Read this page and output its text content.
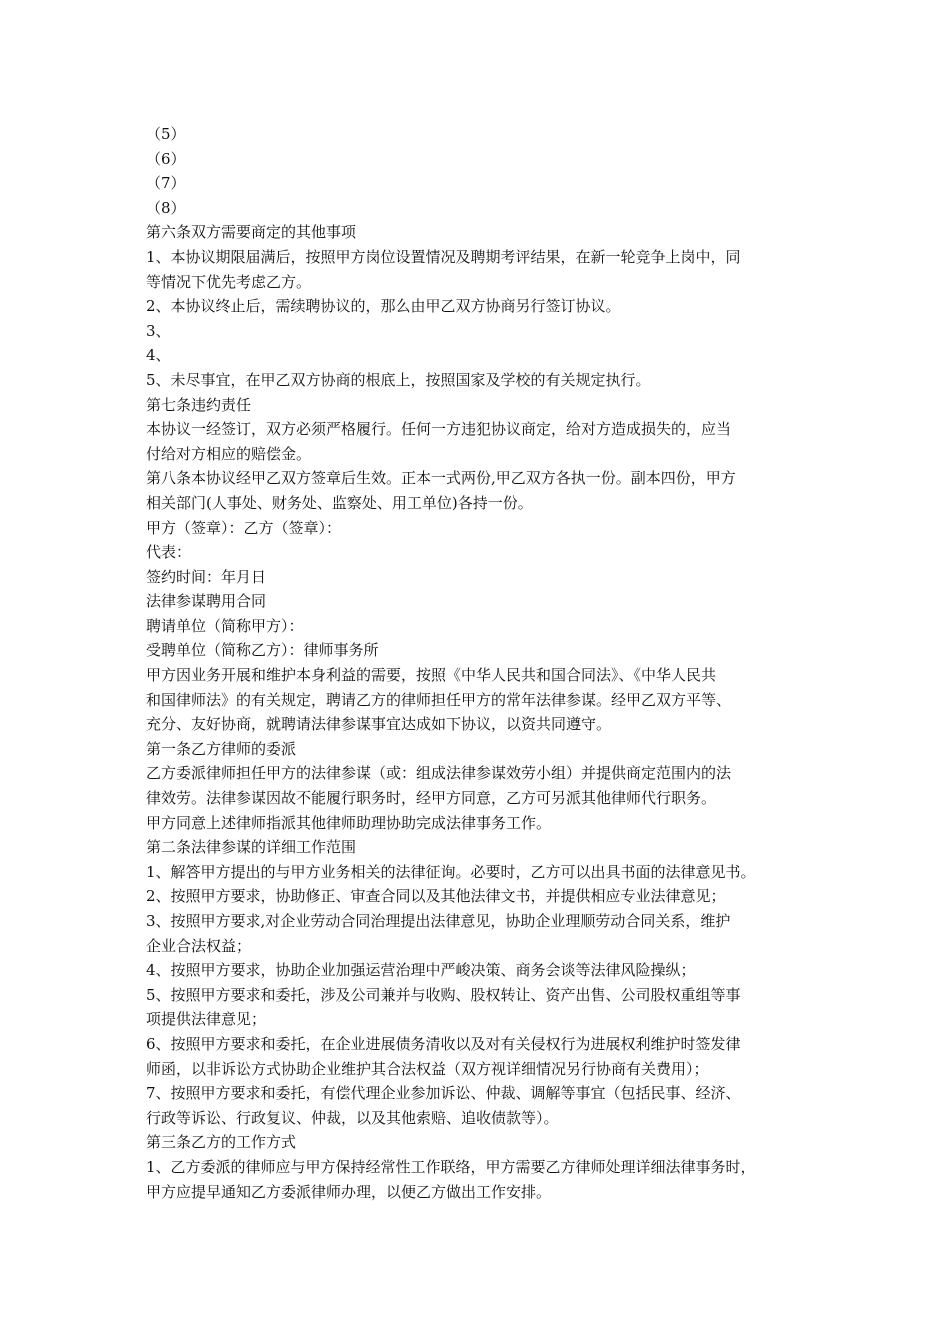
（5）
（6）
（7）
（8）
第六条双方需要商定的其他事项
1、本协议期限届满后，按照甲方岗位设置情况及聘期考评结果，在新一轮竞争上岗中，同
等情况下优先考虑乙方。
2、本协议终止后，需续聘协议的，那么由甲乙双方协商另行签订协议。
3、
4、
5、未尽事宜，在甲乙双方协商的根底上，按照国家及学校的有关规定执行。
第七条违约责任
本协议一经签订，双方必须严格履行。任何一方违犯协议商定，给对方造成损失的，应当
付给对方相应的赔偿金。
第八条本协议经甲乙双方签章后生效。正本一式两份,甲乙双方各执一份。副本四份，甲方
相关部门(人事处、财务处、监察处、用工单位)各持一份。
甲方（签章）：乙方（签章）：
代表：
签约时间：年月日
法律参谋聘用合同
聘请单位（简称甲方）：
受聘单位（简称乙方）：律师事务所
甲方因业务开展和维护本身利益的需要，按照《中华人民共和国合同法》、《中华人民共
和国律师法》的有关规定，聘请乙方的律师担任甲方的常年法律参谋。经甲乙双方平等、
充分、友好协商，就聘请法律参谋事宜达成如下协议，以资共同遵守。
第一条乙方律师的委派
乙方委派律师担任甲方的法律参谋（或：组成法律参谋效劳小组）并提供商定范围内的法
律效劳。法律参谋因故不能履行职务时，经甲方同意，乙方可另派其他律师代行职务。
甲方同意上述律师指派其他律师助理协助完成法律事务工作。
第二条法律参谋的详细工作范围
1、解答甲方提出的与甲方业务相关的法律征询。必要时，乙方可以出具书面的法律意见书。
2、按照甲方要求，协助修正、审查合同以及其他法律文书，并提供相应专业法律意见；
3、按照甲方要求,对企业劳动合同治理提出法律意见，协助企业理顺劳动合同关系，维护
企业合法权益；
4、按照甲方要求，协助企业加强运营治理中严峻决策、商务会谈等法律风险操纵；
5、按照甲方要求和委托，涉及公司兼并与收购、股权转让、资产出售、公司股权重组等事
项提供法律意见；
6、按照甲方要求和委托，在企业进展债务清收以及对有关侵权行为进展权利维护时签发律
师函，以非诉讼方式协助企业维护其合法权益（双方视详细情况另行协商有关费用）；
7、按照甲方要求和委托，有偿代理企业参加诉讼、仲裁、调解等事宜（包括民事、经济、
行政等诉讼、行政复议、仲裁，以及其他索赔、追收债款等）。
第三条乙方的工作方式
1、乙方委派的律师应与甲方保持经常性工作联络，甲方需要乙方律师处理详细法律事务时，
甲方应提早通知乙方委派律师办理，以便乙方做出工作安排。
